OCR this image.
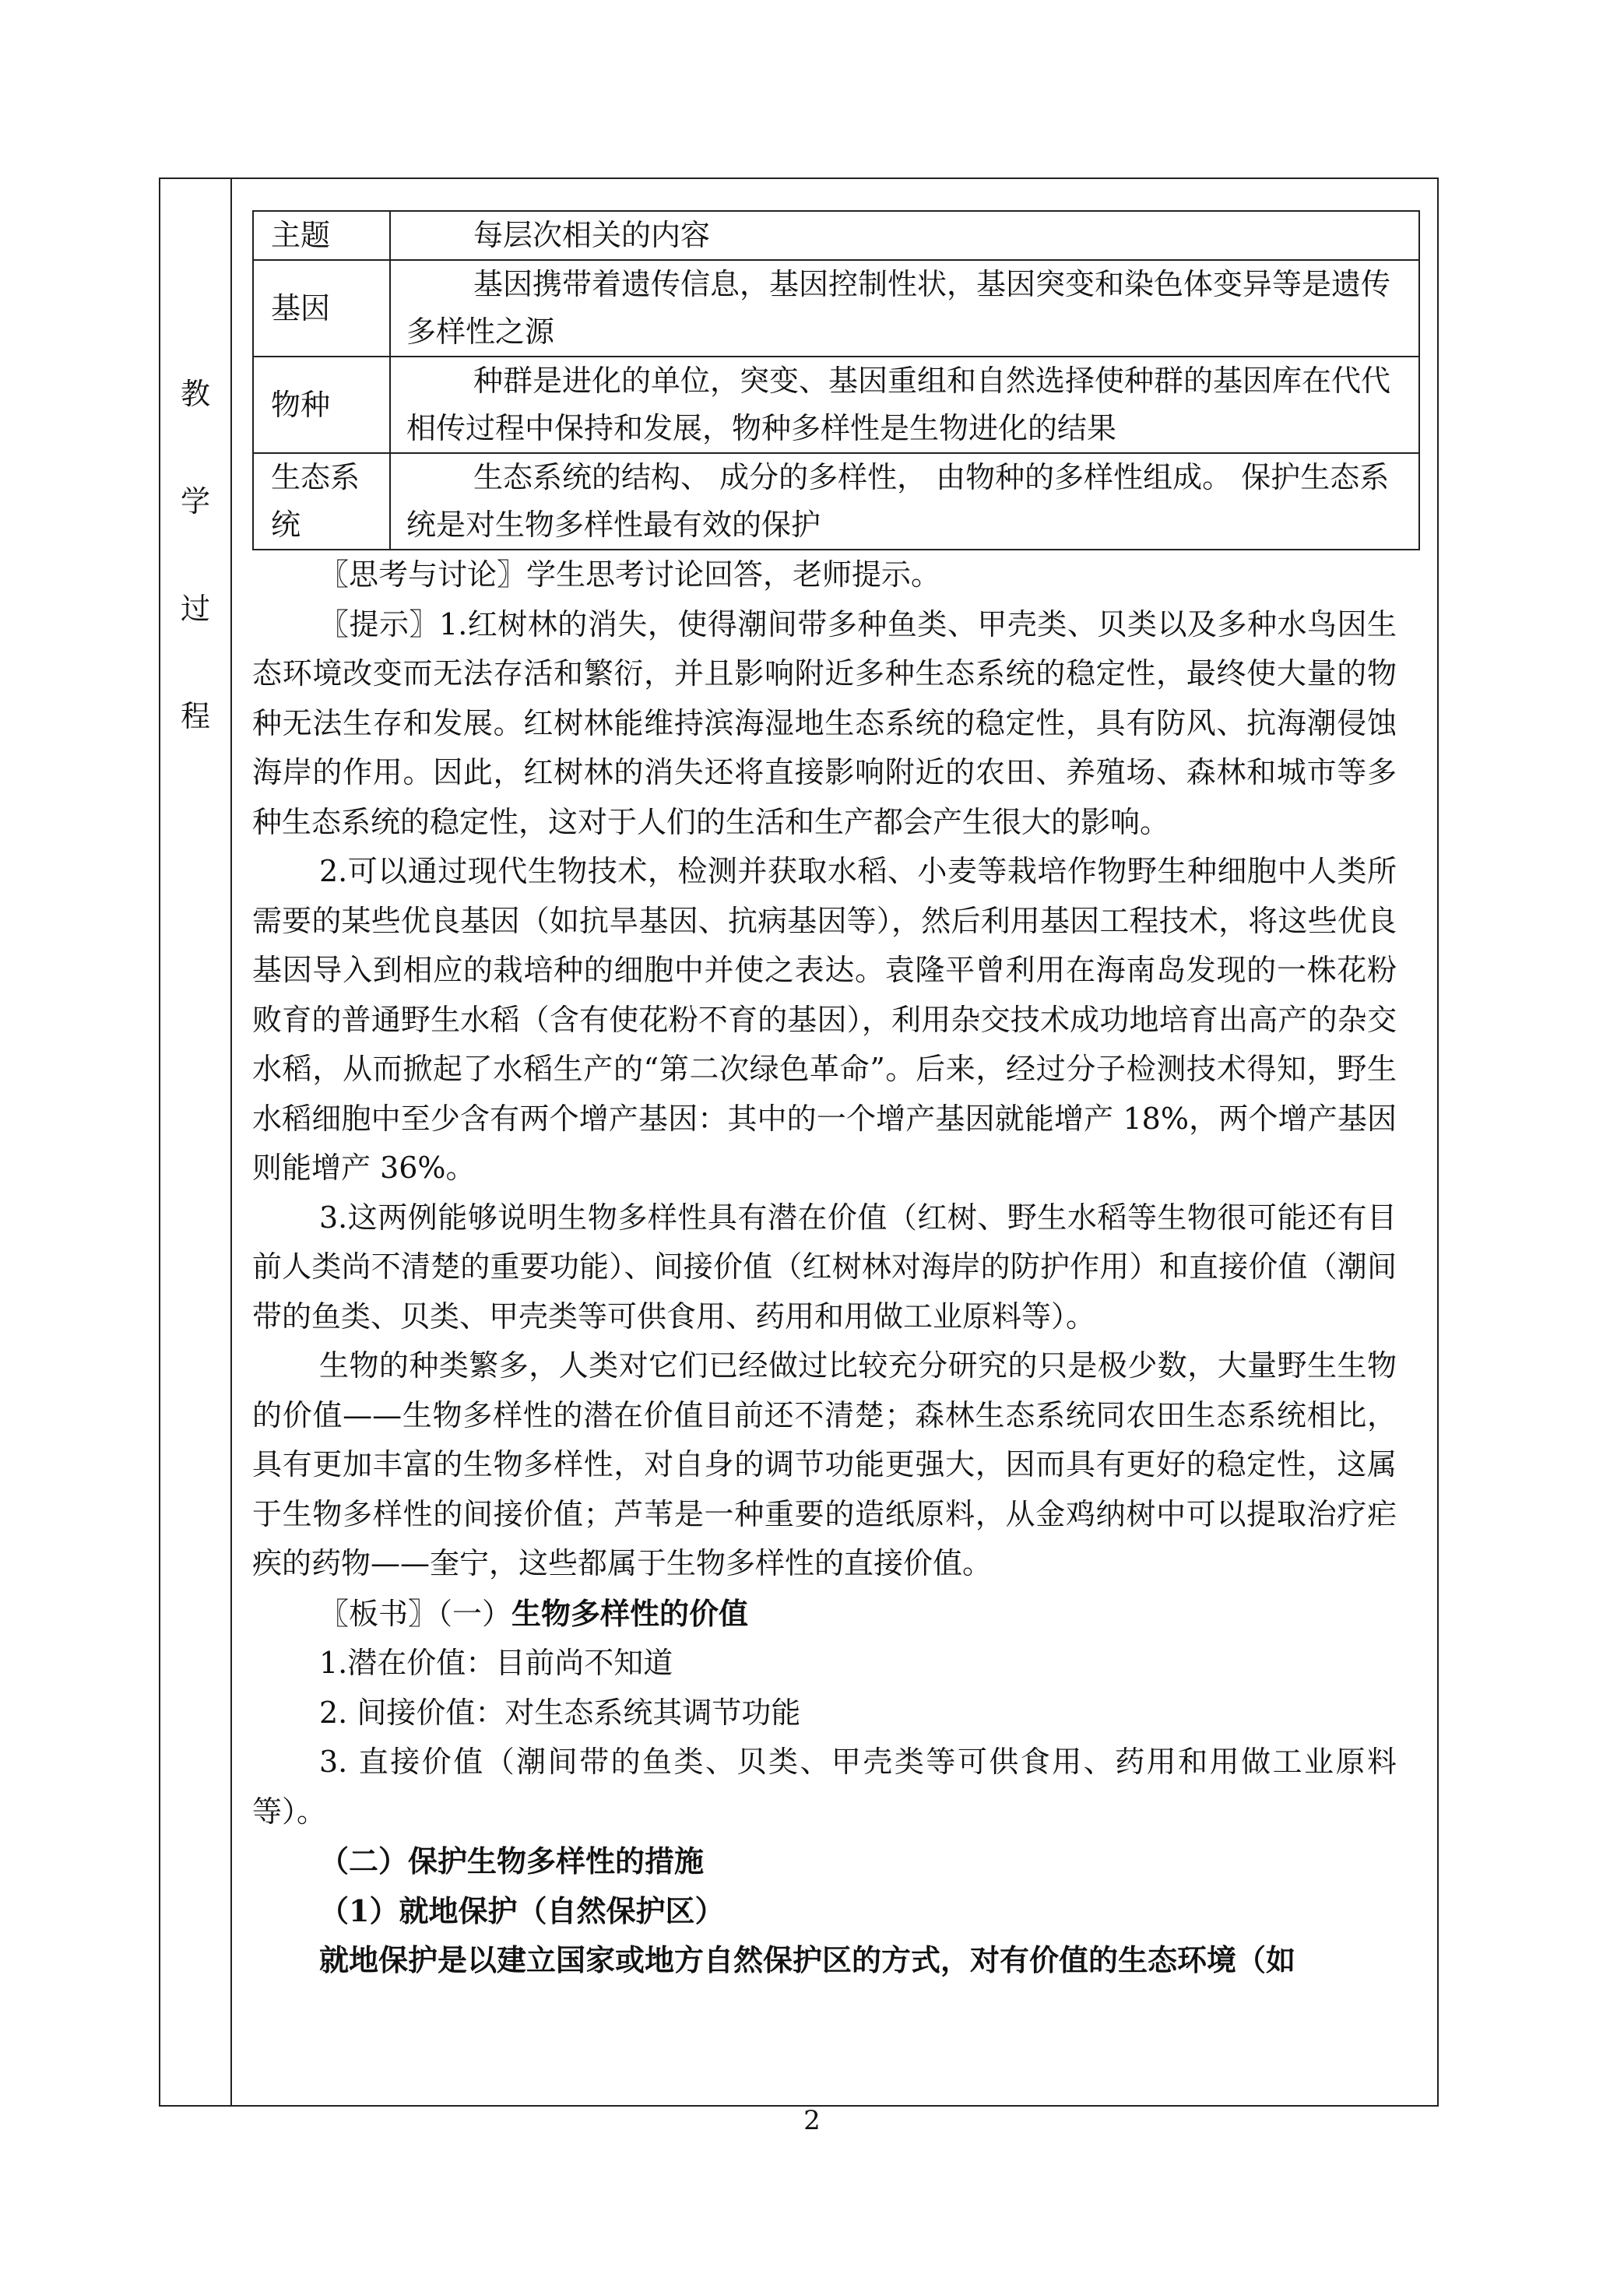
教
学
过
程
主题	每层次相关的内容
基因	基因携带着遗传信息，基因控制性状，基因突变和染色体变异等是遗传多样性之源
物种	种群是进化的单位，突变、基因重组和自然选择使种群的基因库在代代相传过程中保持和发展，物种多样性是生物进化的结果
生态系统	生态系统的结构、 成分的多样性， 由物种的多样性组成。 保护生态系统是对生物多样性最有效的保护

〖思考与讨论〗学生思考讨论回答，老师提示。

〖提示〗1.红树林的消失，使得潮间带多种鱼类、甲壳类、贝类以及多种水鸟因生态环境改变而无法存活和繁衍，并且影响附近多种生态系统的稳定性，最终使大量的物种无法生存和发展。红树林能维持滨海湿地生态系统的稳定性，具有防风、抗海潮侵蚀海岸的作用。因此，红树林的消失还将直接影响附近的农田、养殖场、森林和城市等多种生态系统的稳定性，这对于人们的生活和生产都会产生很大的影响。

2.可以通过现代生物技术，检测并获取水稻、小麦等栽培作物野生种细胞中人类所需要的某些优良基因（如抗旱基因、抗病基因等），然后利用基因工程技术，将这些优良基因导入到相应的栽培种的细胞中并使之表达。袁隆平曾利用在海南岛发现的一株花粉败育的普通野生水稻（含有使花粉不育的基因），利用杂交技术成功地培育出高产的杂交水稻，从而掀起了水稻生产的“第二次绿色革命”。后来，经过分子检测技术得知，野生水稻细胞中至少含有两个增产基因：其中的一个增产基因就能增产 18%，两个增产基因则能增产 36%。

3.这两例能够说明生物多样性具有潜在价值（红树、野生水稻等生物很可能还有目前人类尚不清楚的重要功能）、间接价值（红树林对海岸的防护作用）和直接价值（潮间带的鱼类、贝类、甲壳类等可供食用、药用和用做工业原料等）。

生物的种类繁多，人类对它们已经做过比较充分研究的只是极少数，大量野生生物的价值——生物多样性的潜在价值目前还不清楚；森林生态系统同农田生态系统相比，具有更加丰富的生物多样性，对自身的调节功能更强大，因而具有更好的稳定性，这属于生物多样性的间接价值；芦苇是一种重要的造纸原料，从金鸡纳树中可以提取治疗疟疾的药物——奎宁，这些都属于生物多样性的直接价值。

〖板书〗（一）生物多样性的价值

1.潜在价值：目前尚不知道

2. 间接价值：对生态系统其调节功能

3. 直接价值（潮间带的鱼类、贝类、甲壳类等可供食用、药用和用做工业原料等）。

（二）保护生物多样性的措施

（1）就地保护（自然保护区）

就地保护是以建立国家或地方自然保护区的方式，对有价值的生态环境（如

2
